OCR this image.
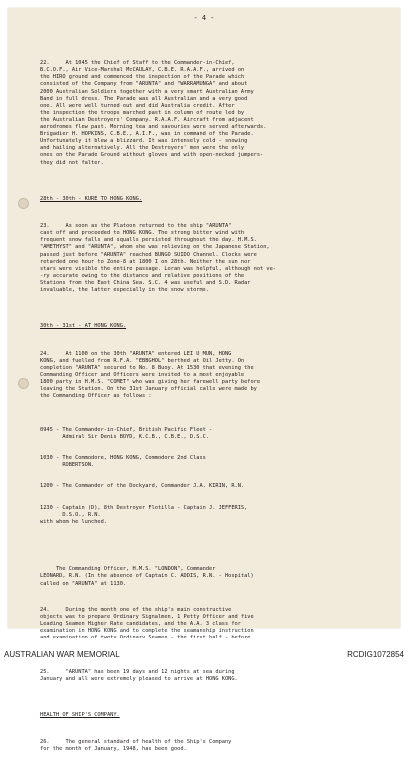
- 4 -

22.     At 1045 the Chief of Staff to the Commander-in-Chief,
B.C.O.F., Air Vice-Marshal McCAULAY, C.B.E. R.A.A.F., arrived on
the HIRO ground and commenced the inspection of the Parade which
consisted of the Company from "ARUNTA" and "WARRAMUNGA" and about
2000 Australian Soldiers together with a very smart Australian Army
Band in full dress. The Parade was all Australian and a very good
one. All were well turned out and did Australia credit. After
the inspection the troops marched past in column of route led by
the Australian Destroyers' Company. R.A.A.F. Aircraft from adjacent
aerodromes flew past. Morning tea and savouries were served afterwards.
Brigadier H. HOPKINS, C.B.E., A.I.F., was in command of the Parade.
Unfortunately it blew a blizzard. It was intensely cold - snowing
and hailing alternatively. All the Destroyers' men were the only
ones on the Parade Ground without gloves and with open-necked jumpers-
they did not falter.

28th - 30th - KURE TO HONG KONG.

23.     As soon as the Platoon returned to the ship "ARUNTA"
cast off and proceeded to HONG KONG. The strong bitter wind with
frequent snow falls and squalls persisted throughout the day. H.M.S.
"AMETHYST" and "ARUNTA", whom she was relieving on the Japanese Station,
passed just before "ARUNTA" reached BUNGO SUIDO Channel. Clocks were
retarded one hour to Zone-8 at 1800 I on 28th. Neither the sun nor
stars were visible the entire passage. Loran was helpful, although not ve-
-ry accurate owing to the distance and relative positions of the
Stations from the East China Sea. S.C. 4 was useful and S.D. Radar
invaluable, the latter especially in the snow storms.

30th - 31st - AT HONG KONG.

24.     At 1100 on the 30th "ARUNTA" entered LEI U MUN, HONG
KONG, and fuelled from R.F.A. "EBBGHOL" berthed at Oil Jetty. On
completion "ARUNTA" secured to No. 8 Buoy. At 1530 that evening the
Commanding Officer and Officers were invited to a most enjoyable
1800 party in H.M.S. "COMET" who was giving her farewell party before
leaving the Station. On the 31st January official calls were made by
the Commanding Officer as follows :

0945 - The Commander-in-Chief, British Pacific Fleet -
Admiral Sir Denis BOYD, K.C.B., C.B.E., D.S.C.

1030 - The Commodore, HONG KONG, Commodore 2nd Class
ROBERTSON.

1200 - The Commander of the Dockyard, Commander J.A. KIRIN, R.N.

1230 - Captain (D), 8th Destroyer Flotilla - Captain J. JEFFERIS,
D.S.O., R.N.
with whom he lunched.

The Commanding Officer, H.M.S. "LONDON", Commander
LEONARD, R.N. (In the absence of Captain C. ADDIS, R.N. - Hospital)
called on "ARUNTA" at 1130.

24.     During the month one of the ship's main constructive
objects was to prepare Ordinary Signalmen, 1 Petty Officer and five
Leading Seamen Higher Rate candidates, and the A.A. 3 class for
examination in HONG KONG and to complete the seamanship instruction

25.     "ARUNTA" has been 19 days and 12 nights at sea during
January and all were extremely pleased to arrive at HONG KONG.

HEALTH OF SHIP'S COMPANY.

26.     The general standard of health of the Ship's Company
for the month of January, 1948, has been good.

AUSTRALIAN WAR MEMORIAL	RCDIG1072854
